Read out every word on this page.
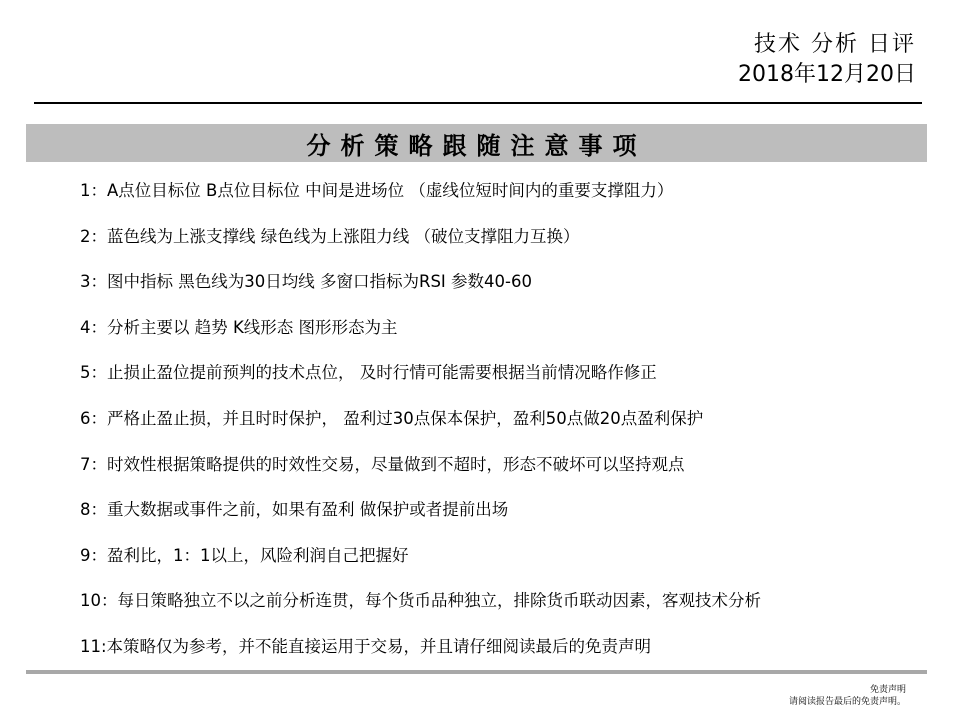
技术 分析 日评
2018年12月20日
分析策略跟随注意事项
1：A点位目标位 B点位目标位 中间是进场位 （虚线位短时间内的重要支撑阻力）
2：蓝色线为上涨支撑线 绿色线为上涨阻力线 （破位支撑阻力互换）
3：图中指标 黑色线为30日均线 多窗口指标为RSI 参数40-60
4：分析主要以 趋势 K线形态 图形形态为主
5：止损止盈位提前预判的技术点位， 及时行情可能需要根据当前情况略作修正
6：严格止盈止损，并且时时保护， 盈利过30点保本保护，盈利50点做20点盈利保护
7：时效性根据策略提供的时效性交易，尽量做到不超时，形态不破坏可以坚持观点
8：重大数据或事件之前，如果有盈利 做保护或者提前出场
9：盈利比，1：1以上，风险利润自己把握好
10：每日策略独立不以之前分析连贯，每个货币品种独立，排除货币联动因素，客观技术分析
11:本策略仅为参考，并不能直接运用于交易，并且请仔细阅读最后的免责声明
免责声明
请阅读报告最后的免责声明。
